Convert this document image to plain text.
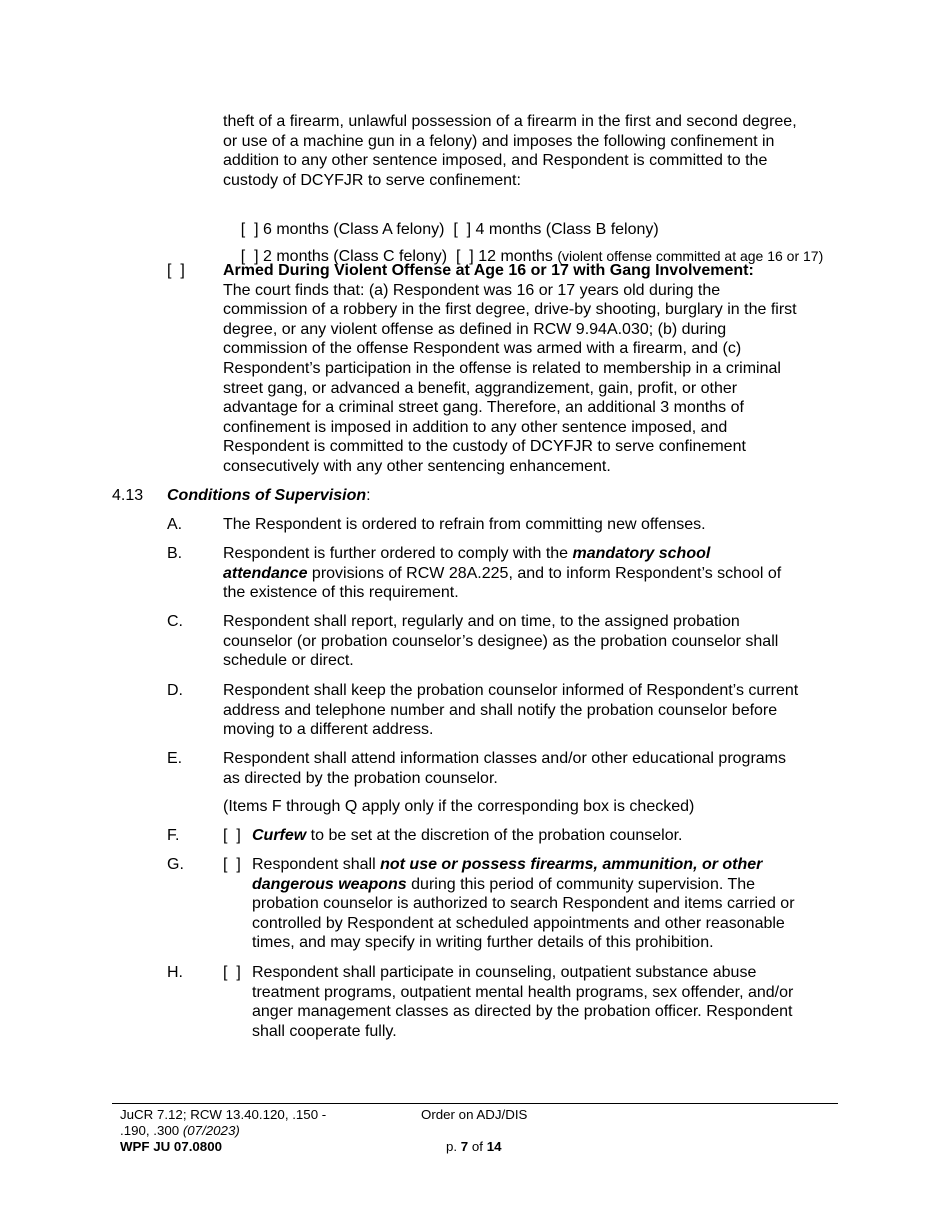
theft of a firearm, unlawful possession of a firearm in the first and second degree,
or use of a machine gun in a felony) and imposes the following confinement in
addition to any other sentence imposed, and Respondent is committed to the
custody of DCYFJR to serve confinement:

[  ] 6 months (Class A felony) [  ] 4 months (Class B felony)

[  ] 2 months (Class C felony) [  ] 12 months (violent offense committed at age 16 or 17)

[  ] Armed During Violent Offense at Age 16 or 17 with Gang Involvement:
The court finds that: (a) Respondent was 16 or 17 years old during the
commission of a robbery in the first degree, drive-by shooting, burglary in the first
degree, or any violent offense as defined in RCW 9.94A.030; (b) during
commission of the offense Respondent was armed with a firearm, and (c)
Respondent’s participation in the offense is related to membership in a criminal
street gang, or advanced a benefit, aggrandizement, gain, profit, or other
advantage for a criminal street gang. Therefore, an additional 3 months of
confinement is imposed in addition to any other sentence imposed, and
Respondent is committed to the custody of DCYFJR to serve confinement
consecutively with any other sentencing enhancement.
4.13 Conditions of Supervision:
A.	The Respondent is ordered to refrain from committing new offenses.
B.	Respondent is further ordered to comply with the mandatory school
attendance provisions of RCW 28A.225, and to inform Respondent’s school of
the existence of this requirement.
C.	Respondent shall report, regularly and on time, to the assigned probation
counselor (or probation counselor’s designee) as the probation counselor shall
schedule or direct.
D.	Respondent shall keep the probation counselor informed of Respondent’s current
address and telephone number and shall notify the probation counselor before
moving to a different address.
E.	Respondent shall attend information classes and/or other educational programs
as directed by the probation counselor.
(Items F through Q apply only if the corresponding box is checked)
F.	[  ] Curfew to be set at the discretion of the probation counselor.
G. [  ] Respondent shall not use or possess firearms, ammunition, or other
dangerous weapons during this period of community supervision. The
probation counselor is authorized to search Respondent and items carried or
controlled by Respondent at scheduled appointments and other reasonable
times, and may specify in writing further details of this prohibition.
H.	[  ] Respondent shall participate in counseling, outpatient substance abuse
treatment programs, outpatient mental health programs, sex offender, and/or
anger management classes as directed by the probation officer. Respondent
shall cooperate fully.
JuCR 7.12; RCW 13.40.120, .150 -
.190, .300 (07/2023)
WPF JU 07.0800
Order on ADJ/DIS
p. 7 of 14
